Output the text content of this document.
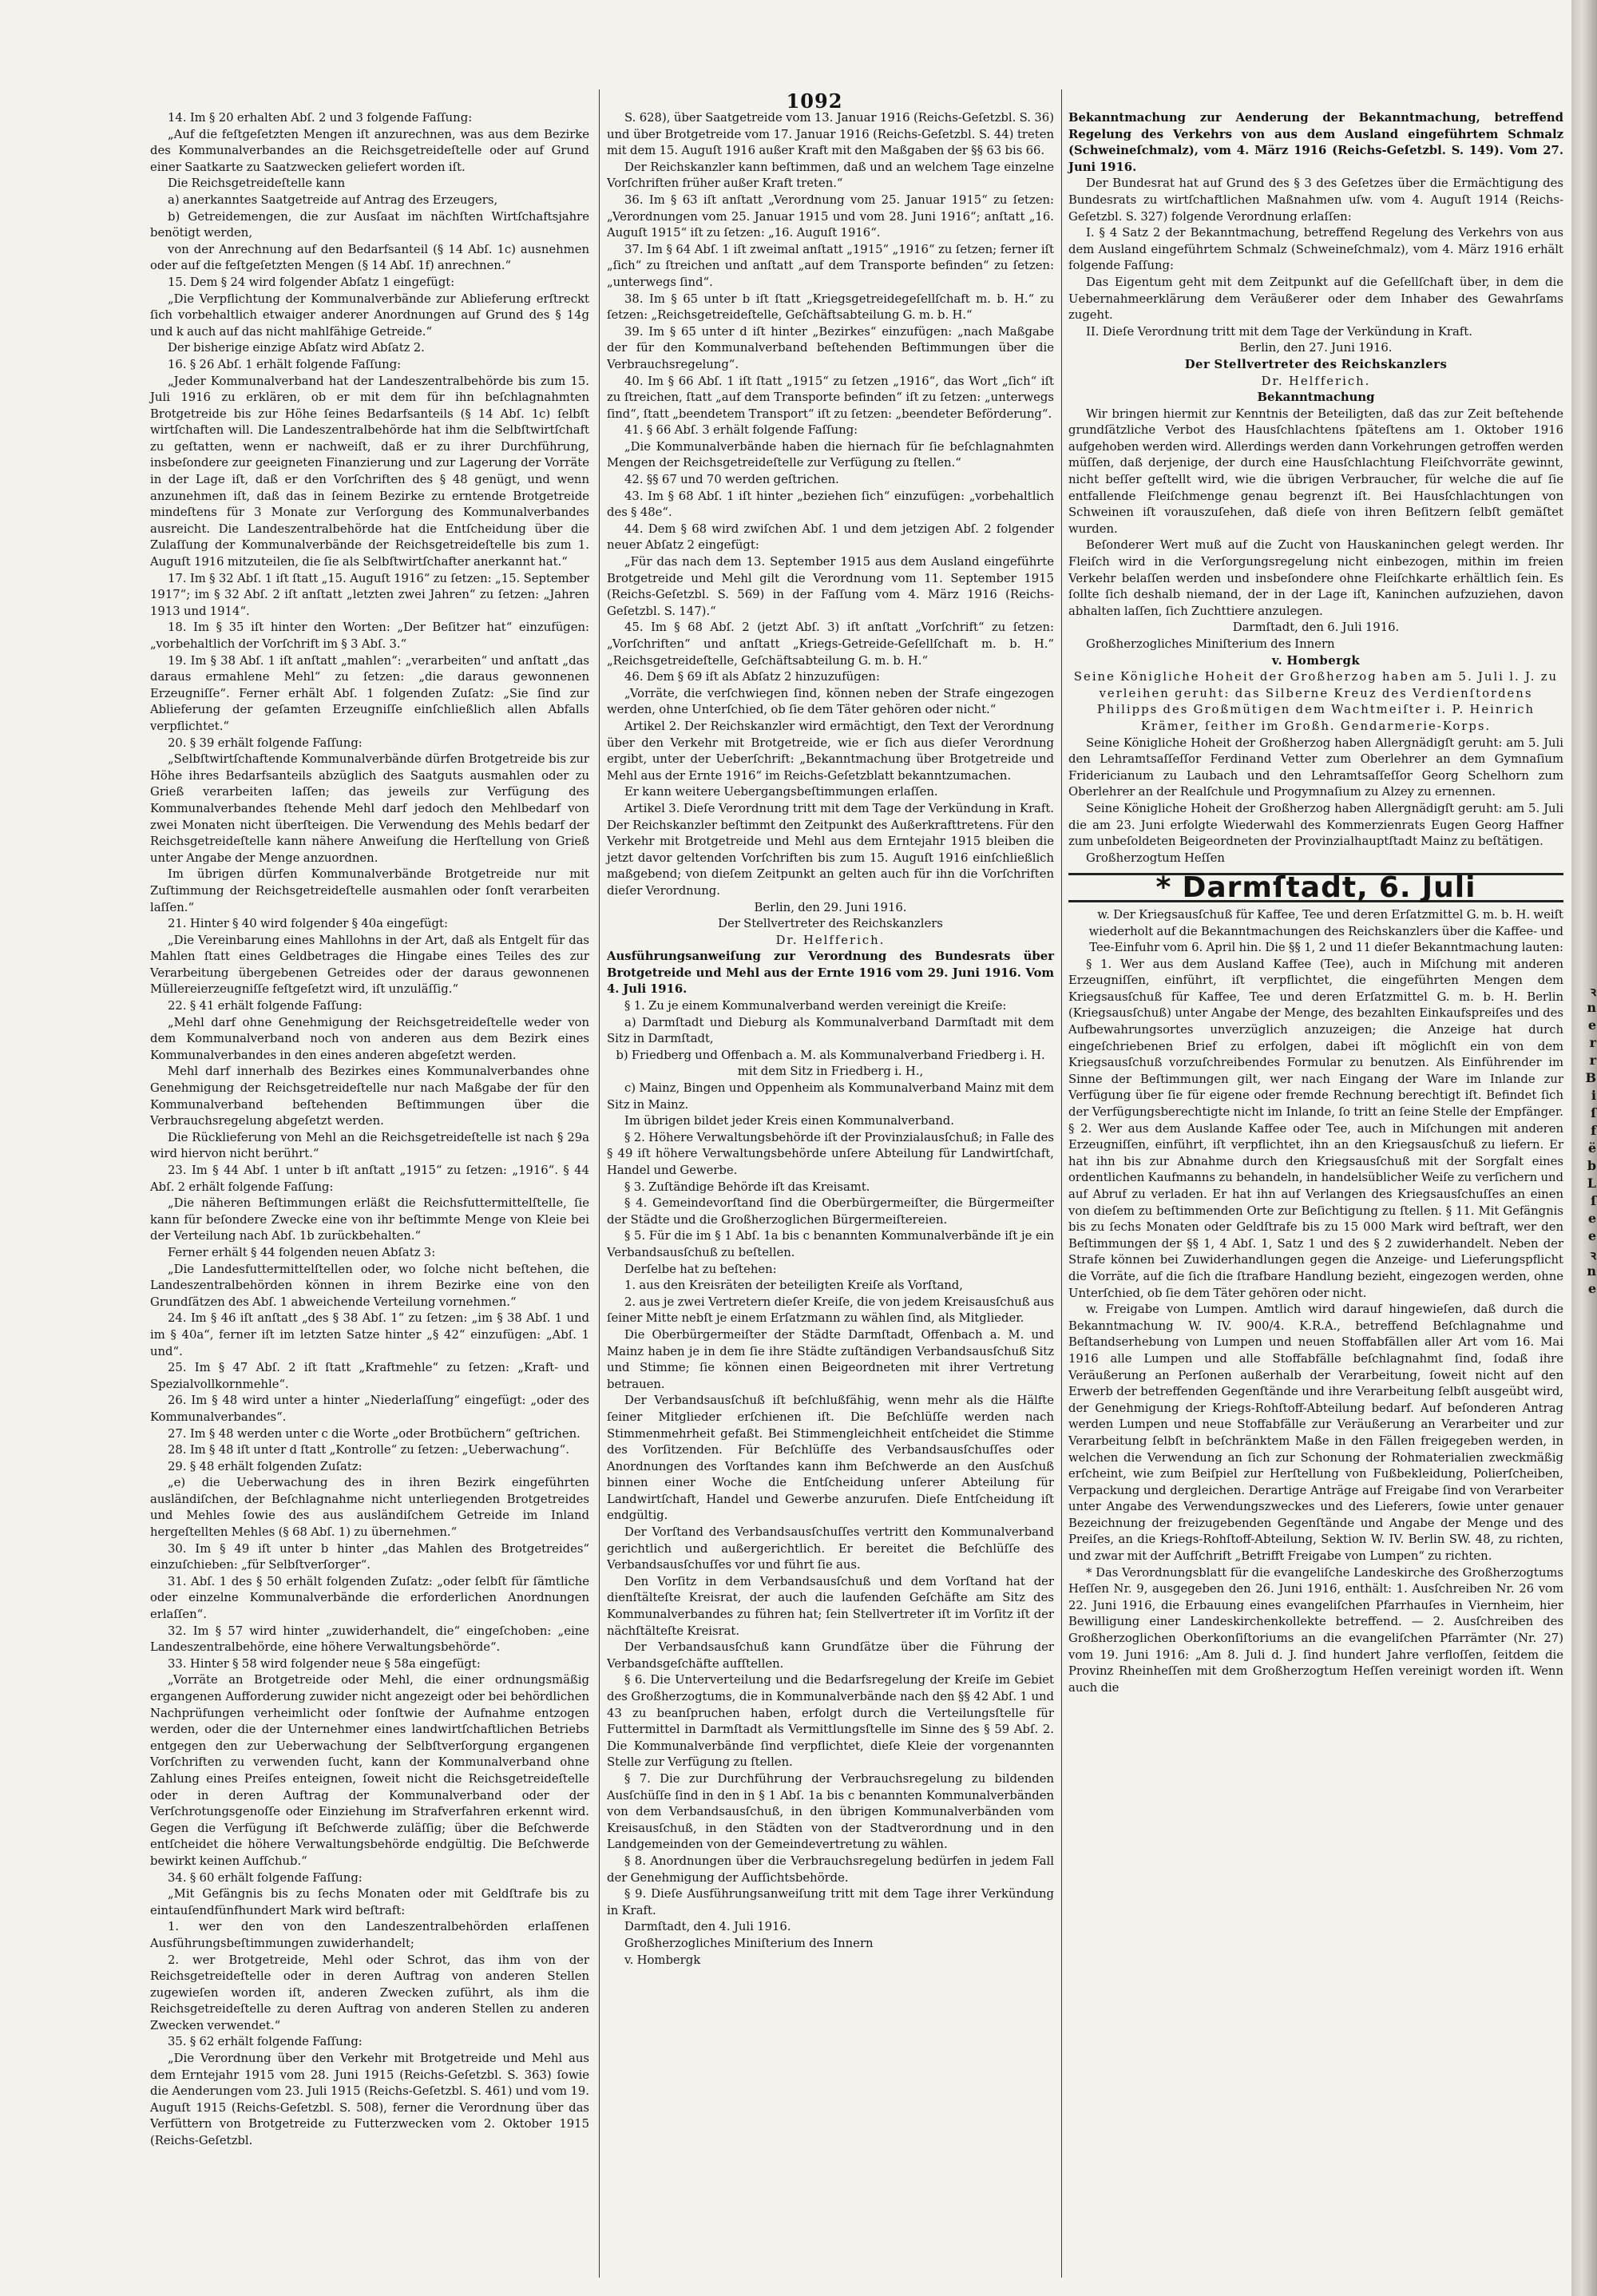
1092

14. Im § 20 erhalten Abſ. 2 und 3 folgende Faſſung:

„Auf die feſtgeſetzten Mengen iſt anzurechnen, was aus dem Bezirke des Kommunalverbandes an die Reichsgetreideſtelle oder auf Grund einer Saatkarte zu Saatzwecken geliefert worden iſt.

Die Reichsgetreideſtelle kann

a) anerkanntes Saatgetreide auf Antrag des Erzeugers,

b) Getreidemengen, die zur Ausſaat im nächſten Wirtſchaftsjahre benötigt werden,

von der Anrechnung auf den Bedarfsanteil (§ 14 Abſ. 1c) ausnehmen oder auf die feſtgeſetzten Mengen (§ 14 Abſ. 1f) anrechnen.“

15. Dem § 24 wird folgender Abſatz 1 eingefügt:

„Die Verpflichtung der Kommunalverbände zur Ablieferung erſtreckt ſich vorbehaltlich etwaiger anderer Anordnungen auf Grund des § 14g und k auch auf das nicht mahlfähige Getreide.“

Der bisherige einzige Abſatz wird Abſatz 2.

16. § 26 Abſ. 1 erhält folgende Faſſung:

„Jeder Kommunalverband hat der Landeszentralbehörde bis zum 15. Juli 1916 zu erklären, ob er mit dem für ihn beſchlagnahmten Brotgetreide bis zur Höhe ſeines Bedarfsanteils (§ 14 Abſ. 1c) ſelbſt wirtſchaften will. Die Landeszentralbehörde hat ihm die Selbſtwirtſchaft zu geſtatten, wenn er nachweiſt, daß er zu ihrer Durchführung, insbeſondere zur geeigneten Finanzierung und zur Lagerung der Vorräte in der Lage iſt, daß er den Vorſchriften des § 48 genügt, und wenn anzunehmen iſt, daß das in ſeinem Bezirke zu erntende Brotgetreide mindeſtens für 3 Monate zur Verſorgung des Kommunalverbandes ausreicht. Die Landeszentralbehörde hat die Entſcheidung über die Zulaſſung der Kommunalverbände der Reichsgetreideſtelle bis zum 1. Auguſt 1916 mitzuteilen, die ſie als Selbſtwirtſchafter anerkannt hat.“

17. Im § 32 Abſ. 1 iſt ſtatt „15. Auguſt 1916“ zu ſetzen: „15. September 1917“; im § 32 Abſ. 2 iſt anſtatt „letzten zwei Jahren“ zu ſetzen: „Jahren 1913 und 1914“.

18. Im § 35 iſt hinter den Worten: „Der Beſitzer hat“ einzufügen: „vorbehaltlich der Vorſchrift im § 3 Abſ. 3.“

19. Im § 38 Abſ. 1 iſt anſtatt „mahlen“: „verarbeiten“ und anſtatt „das daraus ermahlene Mehl“ zu ſetzen: „die daraus gewonnenen Erzeugniſſe“. Ferner erhält Abſ. 1 folgenden Zuſatz: „Sie ſind zur Ablieferung der geſamten Erzeugniſſe einſchließlich allen Abfalls verpflichtet.“

20. § 39 erhält folgende Faſſung:

„Selbſtwirtſchaftende Kommunalverbände dürfen Brotgetreide bis zur Höhe ihres Bedarfsanteils abzüglich des Saatguts ausmahlen oder zu Grieß verarbeiten laſſen; das jeweils zur Verfügung des Kommunalverbandes ſtehende Mehl darf jedoch den Mehlbedarf von zwei Monaten nicht überſteigen. Die Verwendung des Mehls bedarf der Reichsgetreideſtelle kann nähere Anweiſung die Herſtellung von Grieß unter Angabe der Menge anzuordnen.

Im übrigen dürfen Kommunalverbände Brotgetreide nur mit Zuſtimmung der Reichsgetreideſtelle ausmahlen oder ſonſt verarbeiten laſſen.“

21. Hinter § 40 wird folgender § 40a eingefügt:

„Die Vereinbarung eines Mahllohns in der Art, daß als Entgelt für das Mahlen ſtatt eines Geldbetrages die Hingabe eines Teiles des zur Verarbeitung übergebenen Getreides oder der daraus gewonnenen Müllereierzeugniſſe feſtgeſetzt wird, iſt unzuläſſig.“

22. § 41 erhält folgende Faſſung:

„Mehl darf ohne Genehmigung der Reichsgetreideſtelle weder von dem Kommunalverband noch von anderen aus dem Bezirk eines Kommunalverbandes in den eines anderen abgeſetzt werden.

Mehl darf innerhalb des Bezirkes eines Kommunalverbandes ohne Genehmigung der Reichsgetreideſtelle nur nach Maßgabe der für den Kommunalverband beſtehenden Beſtimmungen über die Verbrauchsregelung abgeſetzt werden.

Die Rücklieferung von Mehl an die Reichsgetreideſtelle ist nach § 29a wird hiervon nicht berührt.“

23. Im § 44 Abſ. 1 unter b iſt anſtatt „1915“ zu ſetzen: „1916“. § 44 Abſ. 2 erhält folgende Faſſung:

„Die näheren Beſtimmungen erläßt die Reichsfuttermittelſtelle, ſie kann für beſondere Zwecke eine von ihr beſtimmte Menge von Kleie bei der Verteilung nach Abſ. 1b zurückbehalten.“

Ferner erhält § 44 folgenden neuen Abſatz 3:

„Die Landesfuttermittelſtellen oder, wo ſolche nicht beſtehen, die Landeszentralbehörden können in ihrem Bezirke eine von den Grundſätzen des Abſ. 1 abweichende Verteilung vornehmen.“

24. Im § 46 iſt anſtatt „des § 38 Abſ. 1“ zu ſetzen: „im § 38 Abſ. 1 und im § 40a“, ferner iſt im letzten Satze hinter „§ 42“ einzufügen: „Abſ. 1 und“.

25. Im § 47 Abſ. 2 iſt ſtatt „Kraftmehle“ zu ſetzen: „Kraft- und Spezialvollkornmehle“.

26. Im § 48 wird unter a hinter „Niederlaſſung“ eingefügt: „oder des Kommunalverbandes“.

27. Im § 48 werden unter c die Worte „oder Brotbüchern“ geſtrichen.

28. Im § 48 iſt unter d ſtatt „Kontrolle“ zu ſetzen: „Ueberwachung“.

29. § 48 erhält folgenden Zuſatz:

„e) die Ueberwachung des in ihren Bezirk eingeführten ausländiſchen, der Beſchlagnahme nicht unterliegenden Brotgetreides und Mehles ſowie des aus ausländiſchem Getreide im Inland hergeſtellten Mehles (§ 68 Abſ. 1) zu übernehmen.“

30. Im § 49 iſt unter b hinter „das Mahlen des Brotgetreides“ einzuſchieben: „für Selbſtverſorger“.

31. Abſ. 1 des § 50 erhält folgenden Zuſatz: „oder ſelbſt für ſämtliche oder einzelne Kommunalverbände die erforderlichen Anordnungen erlaſſen“.

32. Im § 57 wird hinter „zuwiderhandelt, die“ eingeſchoben: „eine Landeszentralbehörde, eine höhere Verwaltungsbehörde“.

33. Hinter § 58 wird folgender neue § 58a eingefügt:

„Vorräte an Brotgetreide oder Mehl, die einer ordnungsmäßig ergangenen Aufforderung zuwider nicht angezeigt oder bei behördlichen Nachprüfungen verheimlicht oder ſonſtwie der Aufnahme entzogen werden, oder die der Unternehmer eines landwirtſchaftlichen Betriebs entgegen den zur Ueberwachung der Selbſtverſorgung ergangenen Vorſchriften zu verwenden ſucht, kann der Kommunalverband ohne Zahlung eines Preiſes enteignen, ſoweit nicht die Reichsgetreideſtelle oder in deren Auftrag der Kommunalverband oder der Verſchrotungsgenoſſe oder Einziehung im Strafverfahren erkennt wird. Gegen die Verfügung iſt Beſchwerde zuläſſig; über die Beſchwerde entſcheidet die höhere Verwaltungsbehörde endgültig. Die Beſchwerde bewirkt keinen Aufſchub.“

34. § 60 erhält folgende Faſſung:

„Mit Gefängnis bis zu ſechs Monaten oder mit Geldſtrafe bis zu eintauſendfünfhundert Mark wird beſtraft:

1. wer den von den Landeszentralbehörden erlaſſenen Ausführungsbeſtimmungen zuwiderhandelt;

2. wer Brotgetreide, Mehl oder Schrot, das ihm von der Reichsgetreideſtelle oder in deren Auftrag von anderen Stellen zugewieſen worden iſt, anderen Zwecken zuführt, als ihm die Reichsgetreideſtelle zu deren Auftrag von anderen Stellen zu anderen Zwecken verwendet.“

35. § 62 erhält folgende Faſſung:

„Die Verordnung über den Verkehr mit Brotgetreide und Mehl aus dem Erntejahr 1915 vom 28. Juni 1915 (Reichs-Geſetzbl. S. 363) ſowie die Aenderungen vom 23. Juli 1915 (Reichs-Geſetzbl. S. 461) und vom 19. Auguſt 1915 (Reichs-Geſetzbl. S. 508), ferner die Verordnung über das Verfüttern von Brotgetreide zu Futterzwecken vom 2. Oktober 1915 (Reichs-Geſetzbl.

S. 628), über Saatgetreide vom 13. Januar 1916 (Reichs-Geſetzbl. S. 36) und über Brotgetreide vom 17. Januar 1916 (Reichs-Geſetzbl. S. 44) treten mit dem 15. Auguſt 1916 außer Kraft mit den Maßgaben der §§ 63 bis 66.

Der Reichskanzler kann beſtimmen, daß und an welchem Tage einzelne Vorſchriften früher außer Kraft treten.“

36. Im § 63 iſt anſtatt „Verordnung vom 25. Januar 1915“ zu ſetzen: „Verordnungen vom 25. Januar 1915 und vom 28. Juni 1916“; anſtatt „16. Auguſt 1915“ iſt zu ſetzen: „16. Auguſt 1916“.

37. Im § 64 Abſ. 1 iſt zweimal anſtatt „1915“ „1916“ zu ſetzen; ferner iſt „ſich“ zu ſtreichen und anſtatt „auf dem Transporte befinden“ zu ſetzen: „unterwegs ſind“.

38. Im § 65 unter b iſt ſtatt „Kriegsgetreidegeſellſchaft m. b. H.“ zu ſetzen: „Reichsgetreideſtelle, Geſchäftsabteilung G. m. b. H.“

39. Im § 65 unter d iſt hinter „Bezirkes“ einzufügen: „nach Maßgabe der für den Kommunalverband beſtehenden Beſtimmungen über die Verbrauchsregelung“.

40. Im § 66 Abſ. 1 iſt ſtatt „1915“ zu ſetzen „1916“, das Wort „ſich“ iſt zu ſtreichen, ſtatt „auf dem Transporte befinden“ iſt zu ſetzen: „unterwegs ſind“, ſtatt „beendetem Transport“ iſt zu ſetzen: „beendeter Beförderung“.

41. § 66 Abſ. 3 erhält folgende Faſſung:

„Die Kommunalverbände haben die hiernach für ſie beſchlagnahmten Mengen der Reichsgetreideſtelle zur Verfügung zu ſtellen.“

42. §§ 67 und 70 werden geſtrichen.

43. Im § 68 Abſ. 1 iſt hinter „beziehen ſich“ einzufügen: „vorbehaltlich des § 48e“.

44. Dem § 68 wird zwiſchen Abſ. 1 und dem jetzigen Abſ. 2 folgender neuer Abſatz 2 eingefügt:

„Für das nach dem 13. September 1915 aus dem Ausland eingeführte Brotgetreide und Mehl gilt die Verordnung vom 11. September 1915 (Reichs-Geſetzbl. S. 569) in der Faſſung vom 4. März 1916 (Reichs-Geſetzbl. S. 147).“

45. Im § 68 Abſ. 2 (jetzt Abſ. 3) iſt anſtatt „Vorſchrift“ zu ſetzen: „Vorſchriften“ und anſtatt „Kriegs-Getreide-Geſellſchaft m. b. H.“ „Reichsgetreideſtelle, Geſchäftsabteilung G. m. b. H.“

46. Dem § 69 iſt als Abſatz 2 hinzuzufügen:

„Vorräte, die verſchwiegen ſind, können neben der Strafe eingezogen werden, ohne Unterſchied, ob ſie dem Täter gehören oder nicht.“

Artikel 2. Der Reichskanzler wird ermächtigt, den Text der Verordnung über den Verkehr mit Brotgetreide, wie er ſich aus dieſer Verordnung ergibt, unter der Ueberſchrift: „Bekanntmachung über Brotgetreide und Mehl aus der Ernte 1916“ im Reichs-Geſetzblatt bekanntzumachen.

Er kann weitere Uebergangsbeſtimmungen erlaſſen.

Artikel 3. Dieſe Verordnung tritt mit dem Tage der Verkündung in Kraft. Der Reichskanzler beſtimmt den Zeitpunkt des Außerkrafttretens. Für den Verkehr mit Brotgetreide und Mehl aus dem Erntejahr 1915 bleiben die jetzt davor geltenden Vorſchriften bis zum 15. Auguſt 1916 einſchließlich maßgebend; von dieſem Zeitpunkt an gelten auch für ihn die Vorſchriften dieſer Verordnung.

Berlin, den 29. Juni 1916.

Der Stellvertreter des Reichskanzlers

Dr. Helfferich.

Ausführungsanweiſung zur Verordnung des Bundesrats über Brotgetreide und Mehl aus der Ernte 1916 vom 29. Juni 1916. Vom 4. Juli 1916.

§ 1. Zu je einem Kommunalverband werden vereinigt die Kreiſe:

a) Darmſtadt und Dieburg als Kommunalverband Darmſtadt mit dem Sitz in Darmſtadt,

b) Friedberg und Offenbach a. M. als Kommunalverband Friedberg i. H. mit dem Sitz in Friedberg i. H.,

c) Mainz, Bingen und Oppenheim als Kommunalverband Mainz mit dem Sitz in Mainz.

Im übrigen bildet jeder Kreis einen Kommunalverband.

§ 2. Höhere Verwaltungsbehörde iſt der Provinzialausſchuß; in Falle des § 49 iſt höhere Verwaltungsbehörde unſere Abteilung für Landwirtſchaft, Handel und Gewerbe.

§ 3. Zuſtändige Behörde iſt das Kreisamt.

§ 4. Gemeindevorſtand ſind die Oberbürgermeiſter, die Bürgermeiſter der Städte und die Großherzoglichen Bürgermeiſtereien.

§ 5. Für die im § 1 Abſ. 1a bis c benannten Kommunalverbände iſt je ein Verbandsausſchuß zu beſtellen.

Derſelbe hat zu beſtehen:

1. aus den Kreisräten der beteiligten Kreiſe als Vorſtand,

2. aus je zwei Vertretern dieſer Kreiſe, die von jedem Kreisausſchuß aus ſeiner Mitte nebſt je einem Erſatzmann zu wählen ſind, als Mitglieder.

Die Oberbürgermeiſter der Städte Darmſtadt, Offenbach a. M. und Mainz haben je in dem ſie ihre Städte zuſtändigen Verbandsausſchuß Sitz und Stimme; ſie können einen Beigeordneten mit ihrer Vertretung betrauen.

Der Verbandsausſchuß iſt beſchlußfähig, wenn mehr als die Hälfte ſeiner Mitglieder erſchienen iſt. Die Beſchlüſſe werden nach Stimmenmehrheit gefaßt. Bei Stimmengleichheit entſcheidet die Stimme des Vorſitzenden. Für Beſchlüſſe des Verbandsausſchuſſes oder Anordnungen des Vorſtandes kann ihm Beſchwerde an den Ausſchuß binnen einer Woche die Entſcheidung unſerer Abteilung für Landwirtſchaft, Handel und Gewerbe anzurufen. Dieſe Entſcheidung iſt endgültig.

Der Vorſtand des Verbandsausſchuſſes vertritt den Kommunalverband gerichtlich und außergerichtlich. Er bereitet die Beſchlüſſe des Verbandsausſchuſſes vor und führt ſie aus.

Den Vorſitz in dem Verbandsausſchuß und dem Vorſtand hat der dienſtälteſte Kreisrat, der auch die laufenden Geſchäfte am Sitz des Kommunalverbandes zu führen hat; ſein Stellvertreter iſt im Vorſitz iſt der nächſtälteſte Kreisrat.

Der Verbandsausſchuß kann Grundſätze über die Führung der Verbandsgeſchäfte aufſtellen.

§ 6. Die Unterverteilung und die Bedarfsregelung der Kreiſe im Gebiet des Großherzogtums, die in Kommunalverbände nach den §§ 42 Abſ. 1 und 43 zu beanſpruchen haben, erfolgt durch die Verteilungsſtelle für Futtermittel in Darmſtadt als Vermittlungsſtelle im Sinne des § 59 Abſ. 2. Die Kommunalverbände ſind verpflichtet, dieſe Kleie der vorgenannten Stelle zur Verfügung zu ſtellen.

§ 7. Die zur Durchführung der Verbrauchsregelung zu bildenden Ausſchüſſe ſind in den in § 1 Abſ. 1a bis c benannten Kommunalverbänden von dem Verbandsausſchuß, in den übrigen Kommunalverbänden vom Kreisausſchuß, in den Städten von der Stadtverordnung und in den Landgemeinden von der Gemeindevertretung zu wählen.

§ 8. Anordnungen über die Verbrauchsregelung bedürfen in jedem Fall der Genehmigung der Aufſichtsbehörde.

§ 9. Dieſe Ausführungsanweiſung tritt mit dem Tage ihrer Verkündung in Kraft.

Darmſtadt, den 4. Juli 1916.

Großherzogliches Miniſterium des Innern

v. Hombergk

Bekanntmachung zur Aenderung der Bekanntmachung, betreffend Regelung des Verkehrs von aus dem Ausland eingeführtem Schmalz (Schweineſchmalz), vom 4. März 1916 (Reichs-Geſetzbl. S. 149). Vom 27. Juni 1916.

Der Bundesrat hat auf Grund des § 3 des Geſetzes über die Ermächtigung des Bundesrats zu wirtſchaftlichen Maßnahmen uſw. vom 4. Auguſt 1914 (Reichs-Geſetzbl. S. 327) folgende Verordnung erlaſſen:

I. § 4 Satz 2 der Bekanntmachung, betreffend Regelung des Verkehrs von aus dem Ausland eingeführtem Schmalz (Schweineſchmalz), vom 4. März 1916 erhält folgende Faſſung:

Das Eigentum geht mit dem Zeitpunkt auf die Geſellſchaft über, in dem die Uebernahmeerklärung dem Veräußerer oder dem Inhaber des Gewahrſams zugeht.

II. Dieſe Verordnung tritt mit dem Tage der Verkündung in Kraft.

Berlin, den 27. Juni 1916.

Der Stellvertreter des Reichskanzlers

Dr. Helfferich.

Bekanntmachung

Wir bringen hiermit zur Kenntnis der Beteiligten, daß das zur Zeit beſtehende grundſätzliche Verbot des Hausſchlachtens ſpäteſtens am 1. Oktober 1916 aufgehoben werden wird. Allerdings werden dann Vorkehrungen getroffen werden müſſen, daß derjenige, der durch eine Hausſchlachtung Fleiſchvorräte gewinnt, nicht beſſer geſtellt wird, wie die übrigen Verbraucher, für welche die auf ſie entfallende Fleiſchmenge genau begrenzt iſt. Bei Hausſchlachtungen von Schweinen iſt vorauszuſehen, daß dieſe von ihren Beſitzern ſelbſt gemäſtet wurden.

Beſonderer Wert muß auf die Zucht von Hauskaninchen gelegt werden. Ihr Fleiſch wird in die Verſorgungsregelung nicht einbezogen, mithin im freien Verkehr belaſſen werden und insbeſondere ohne Fleiſchkarte erhältlich ſein. Es ſollte ſich deshalb niemand, der in der Lage iſt, Kaninchen aufzuziehen, davon abhalten laſſen, ſich Zuchttiere anzulegen.

Darmſtadt, den 6. Juli 1916.

Großherzogliches Miniſterium des Innern

v. Hombergk

Seine Königliche Hoheit der Großherzog haben am 5. Juli l. J. zu verleihen geruht: das Silberne Kreuz des Verdienſtordens Philipps des Großmütigen dem Wachtmeiſter i. P. Heinrich Krämer, ſeither im Großh. Gendarmerie-Korps.

Seine Königliche Hoheit der Großherzog haben Allergnädigſt geruht: am 5. Juli den Lehramtsaſſeſſor Ferdinand Vetter zum Oberlehrer an dem Gymnaſium Fridericianum zu Laubach und den Lehramtsaſſeſſor Georg Schelhorn zum Oberlehrer an der Realſchule und Progymnaſium zu Alzey zu ernennen.

Seine Königliche Hoheit der Großherzog haben Allergnädigſt geruht: am 5. Juli die am 23. Juni erfolgte Wiederwahl des Kommerzienrats Eugen Georg Haffner zum unbeſoldeten Beigeordneten der Provinzialhauptſtadt Mainz zu beſtätigen.

Großherzogtum Heſſen

* Darmſtadt, 6. Juli

w. Der Kriegsausſchuß für Kaffee, Tee und deren Erſatzmittel G. m. b. H. weiſt wiederholt auf die Bekanntmachungen des Reichskanzlers über die Kaffee- und Tee-Einfuhr vom 6. April hin. Die §§ 1, 2 und 11 dieſer Bekanntmachung lauten:

§ 1. Wer aus dem Ausland Kaffee (Tee), auch in Miſchung mit anderen Erzeugniſſen, einführt, iſt verpflichtet, die eingeführten Mengen dem Kriegsausſchuß für Kaffee, Tee und deren Erſatzmittel G. m. b. H. Berlin (Kriegsausſchuß) unter Angabe der Menge, des bezahlten Einkaufspreiſes und des Aufbewahrungsortes unverzüglich anzuzeigen; die Anzeige hat durch eingeſchriebenen Brief zu erfolgen, dabei iſt möglichſt ein von dem Kriegsausſchuß vorzuſchreibendes Formular zu benutzen. Als Einführender im Sinne der Beſtimmungen gilt, wer nach Eingang der Ware im Inlande zur Verfügung über ſie für eigene oder fremde Rechnung berechtigt iſt. Befindet ſich der Verfügungsberechtigte nicht im Inlande, ſo tritt an ſeine Stelle der Empfänger. § 2. Wer aus dem Auslande Kaffee oder Tee, auch in Miſchungen mit anderen Erzeugniſſen, einführt, iſt verpflichtet, ihn an den Kriegsausſchuß zu liefern. Er hat ihn bis zur Abnahme durch den Kriegsausſchuß mit der Sorgfalt eines ordentlichen Kaufmanns zu behandeln, in handelsüblicher Weiſe zu verſichern und auf Abruf zu verladen. Er hat ihn auf Verlangen des Kriegsausſchuſſes an einen von dieſem zu beſtimmenden Orte zur Beſichtigung zu ſtellen. § 11. Mit Gefängnis bis zu ſechs Monaten oder Geldſtrafe bis zu 15 000 Mark wird beſtraft, wer den Beſtimmungen der §§ 1, 4 Abſ. 1, Satz 1 und des § 2 zuwiderhandelt. Neben der Strafe können bei Zuwiderhandlungen gegen die Anzeige- und Lieferungspflicht die Vorräte, auf die ſich die ſtrafbare Handlung bezieht, eingezogen werden, ohne Unterſchied, ob ſie dem Täter gehören oder nicht.

w. Freigabe von Lumpen. Amtlich wird darauf hingewieſen, daß durch die Bekanntmachung W. IV. 900/4. K.R.A., betreffend Beſchlagnahme und Beſtandserhebung von Lumpen und neuen Stoffabfällen aller Art vom 16. Mai 1916 alle Lumpen und alle Stoffabfälle beſchlagnahmt ſind, ſodaß ihre Veräußerung an Perſonen außerhalb der Verarbeitung, ſoweit nicht auf den Erwerb der betreffenden Gegenſtände und ihre Verarbeitung ſelbſt ausgeübt wird, der Genehmigung der Kriegs-Rohſtoff-Abteilung bedarf. Auf beſonderen Antrag werden Lumpen und neue Stoffabfälle zur Veräußerung an Verarbeiter und zur Verarbeitung ſelbſt in beſchränktem Maße in den Fällen freigegeben werden, in welchen die Verwendung an ſich zur Schonung der Rohmaterialien zweckmäßig erſcheint, wie zum Beiſpiel zur Herſtellung von Fußbekleidung, Polierſcheiben, Verpackung und dergleichen. Derartige Anträge auf Freigabe ſind von Verarbeiter unter Angabe des Verwendungszweckes und des Lieferers, ſowie unter genauer Bezeichnung der freizugebenden Gegenſtände und Angabe der Menge und des Preiſes, an die Kriegs-Rohſtoff-Abteilung, Sektion W. IV. Berlin SW. 48, zu richten, und zwar mit der Aufſchrift „Betrifft Freigabe von Lumpen“ zu richten.

* Das Verordnungsblatt für die evangeliſche Landeskirche des Großherzogtums Heſſen Nr. 9, ausgegeben den 26. Juni 1916, enthält: 1. Ausſchreiben Nr. 26 vom 22. Juni 1916, die Erbauung eines evangeliſchen Pfarrhauſes in Viernheim, hier Bewilligung einer Landeskirchenkollekte betreffend. — 2. Ausſchreiben des Großherzoglichen Oberkonſiſtoriums an die evangeliſchen Pfarrämter (Nr. 27) vom 19. Juni 1916: „Am 8. Juli d. J. ſind hundert Jahre verfloſſen, ſeitdem die Provinz Rheinheſſen mit dem Großherzogtum Heſſen vereinigt worden iſt. Wenn auch die

ꝛ
n
e
r
r
B
i
ſ
f
ë
b
L
ſ
e
e
ꝛ
n
e
